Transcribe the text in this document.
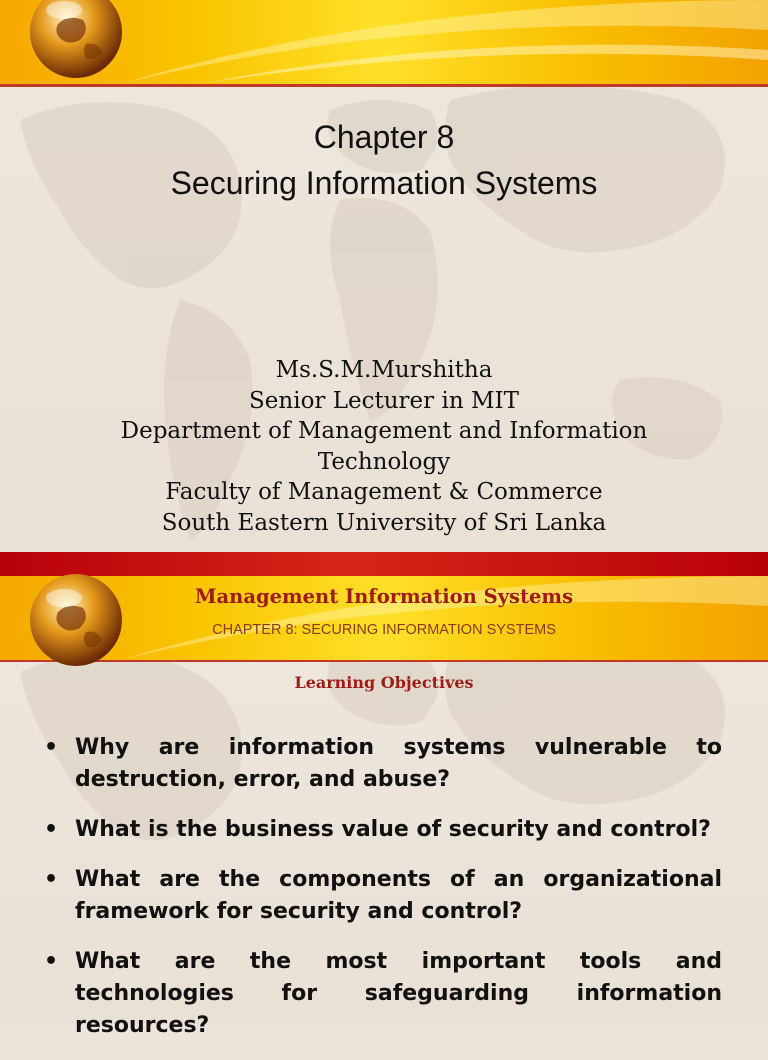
Chapter 8
Securing Information Systems
Ms.S.M.Murshitha
Senior Lecturer in MIT
Department of Management and Information
Technology
Faculty of Management & Commerce
South Eastern University of Sri Lanka
Management Information Systems
CHAPTER 8: SECURING INFORMATION SYSTEMS
Learning Objectives
• Why are information systems vulnerable to destruction, error, and abuse?
• What is the business value of security and control?
• What are the components of an organizational framework for security and control?
• What are the most important tools and technologies for safeguarding information resources?
